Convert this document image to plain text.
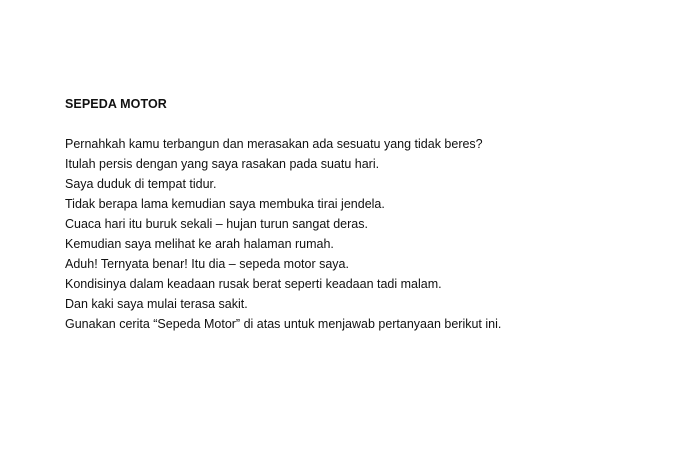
SEPEDA MOTOR

Pernahkah kamu terbangun dan merasakan ada sesuatu yang tidak beres?

Itulah persis dengan yang saya rasakan pada suatu hari.

Saya duduk di tempat tidur.

Tidak berapa lama kemudian saya membuka tirai jendela.

Cuaca hari itu buruk sekali – hujan turun sangat deras.

Kemudian saya melihat ke arah halaman rumah.

Aduh! Ternyata benar! Itu dia – sepeda motor saya.

Kondisinya dalam keadaan rusak berat seperti keadaan tadi malam.

Dan kaki saya mulai terasa sakit.

Gunakan cerita “Sepeda Motor” di atas untuk menjawab pertanyaan berikut ini.
